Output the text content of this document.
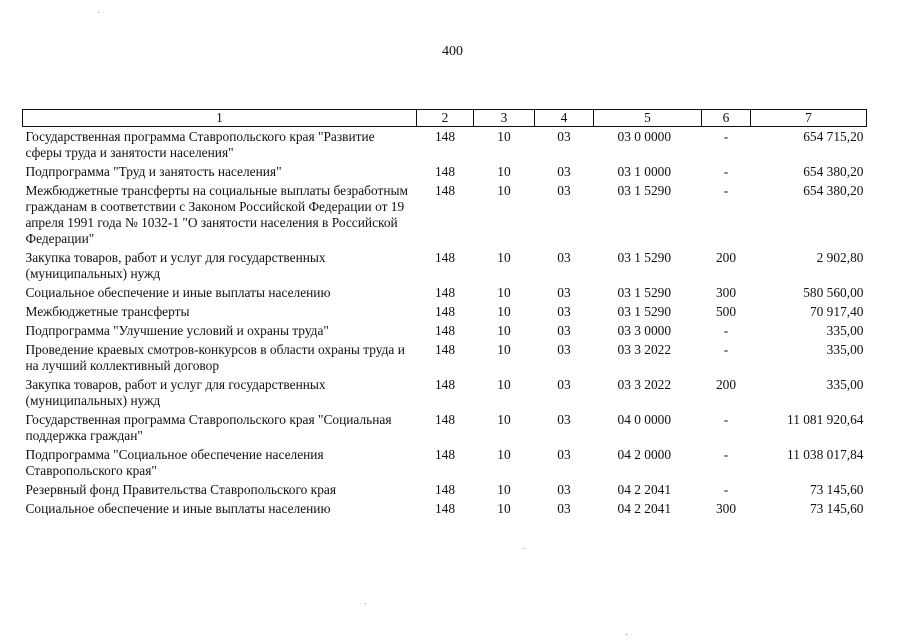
400
1	2	3	4	5	6	7
Государственная программа Ставропольского края "Развитие сферы труда и занятости населения"	148	10	03	03 0 0000	-	654 715,20
Подпрограмма "Труд и занятость населения"	148	10	03	03 1 0000	-	654 380,20
Межбюджетные трансферты на социальные выплаты безработным гражданам в соответствии с Законом Российской Федерации от 19 апреля 1991 года № 1032-1 "О занятости населения в Российской Федерации"	148	10	03	03 1 5290	-	654 380,20
Закупка товаров, работ и услуг для государственных (муниципальных) нужд	148	10	03	03 1 5290	200	2 902,80
Социальное обеспечение и иные выплаты населению	148	10	03	03 1 5290	300	580 560,00
Межбюджетные трансферты	148	10	03	03 1 5290	500	70 917,40
Подпрограмма "Улучшение условий и охраны труда"	148	10	03	03 3 0000	-	335,00
Проведение краевых смотров-конкурсов в области охраны труда и на лучший коллективный договор	148	10	03	03 3 2022	-	335,00
Закупка товаров, работ и услуг для государственных (муниципальных) нужд	148	10	03	03 3 2022	200	335,00
Государственная программа Ставропольского края "Социальная поддержка граждан"	148	10	03	04 0 0000	-	11 081 920,64
Подпрограмма "Социальное обеспечение населения Ставропольского края"	148	10	03	04 2 0000	-	11 038 017,84
Резервный фонд Правительства Ставропольского края	148	10	03	04 2 2041	-	73 145,60
Социальное обеспечение и иные выплаты населению	148	10	03	04 2 2041	300	73 145,60
